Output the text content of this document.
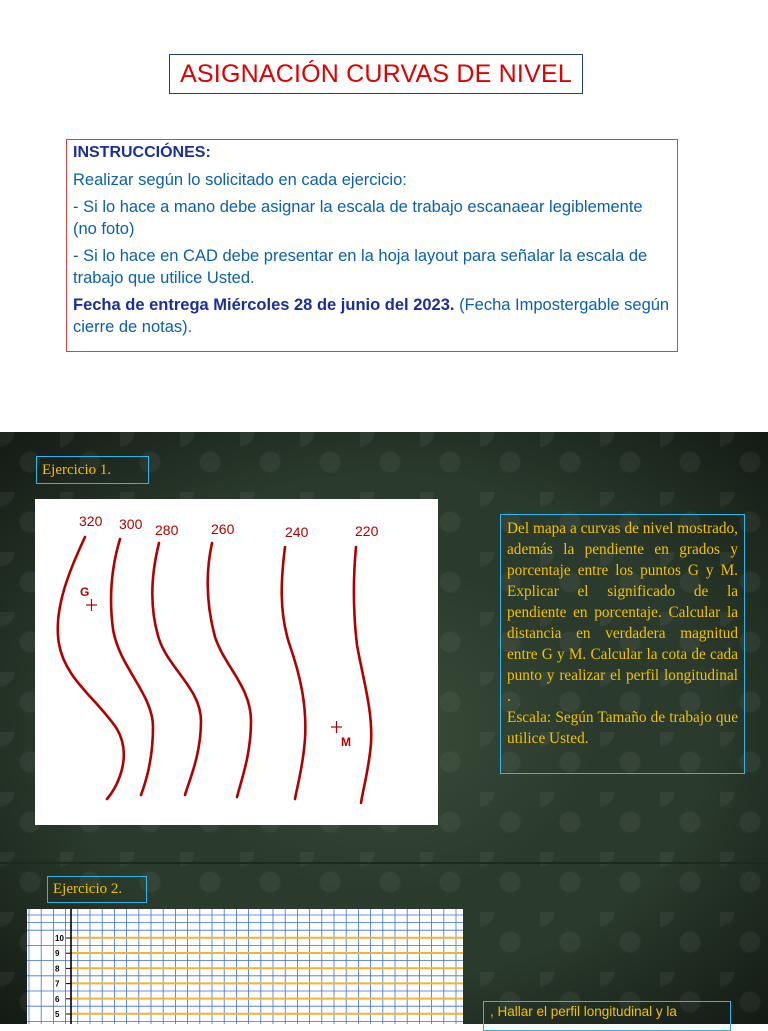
ASIGNACIÓN CURVAS DE NIVEL
INSTRUCCIÓNES:

Realizar según lo solicitado en cada ejercicio:

- Si lo hace a mano debe asignar la escala de trabajo escanaear legiblemente (no foto)

- Si lo hace en CAD debe presentar en la hoja layout para señalar la escala de trabajo que utilice Usted.

Fecha de entrega Miércoles 28 de junio del 2023. (Fecha Impostergable según cierre de notas).

Ejercicio 1.
320 300 280 260	240	220
G
M
Del mapa a curvas de nivel mostrado, además la pendiente en grados y porcentaje entre los puntos G y M. Explicar el significado de la pendiente en porcentaje. Calcular la distancia en verdadera magnitud entre G y M. Calcular la cota de cada punto y realizar el perfil longitudinal .
Escala: Según Tamaño de trabajo que utilice Usted.
Ejercicio 2.
10
9
8
7
6
5	, Hallar el perfil longitudinal y la
